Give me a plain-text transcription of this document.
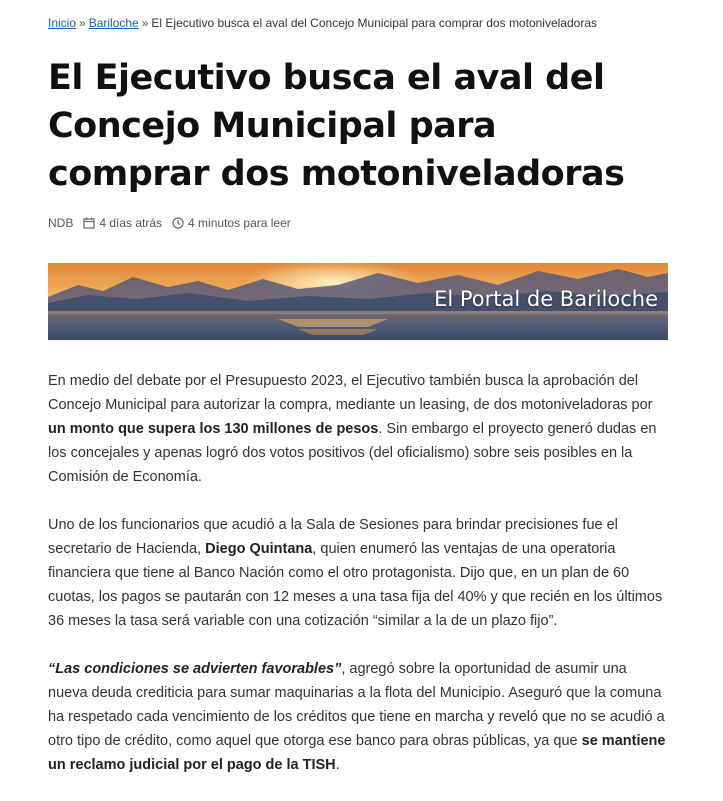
Inicio » Bariloche » El Ejecutivo busca el aval del Concejo Municipal para comprar dos motoniveladoras
El Ejecutivo busca el aval del Concejo Municipal para comprar dos motoniveladoras
NDB 4 días atrás 4 minutos para leer
El Portal de Bariloche

En medio del debate por el Presupuesto 2023, el Ejecutivo también busca la aprobación del Concejo Municipal para autorizar la compra, mediante un leasing, de dos motoniveladoras por un monto que supera los 130 millones de pesos. Sin embargo el proyecto generó dudas en los concejales y apenas logró dos votos positivos (del oficialismo) sobre seis posibles en la Comisión de Economía.

Uno de los funcionarios que acudió a la Sala de Sesiones para brindar precisiones fue el secretario de Hacienda, Diego Quintana, quien enumeró las ventajas de una operatoria financiera que tiene al Banco Nación como el otro protagonista. Dijo que, en un plan de 60 cuotas, los pagos se pautarán con 12 meses a una tasa fija del 40% y que recién en los últimos 36 meses la tasa será variable con una cotización “similar a la de un plazo fijo”.

“Las condiciones se advierten favorables”, agregó sobre la oportunidad de asumir una nueva deuda crediticia para sumar maquinarias a la flota del Municipio. Aseguró que la comuna ha respetado cada vencimiento de los créditos que tiene en marcha y reveló que no se acudió a otro tipo de crédito, como aquel que otorga ese banco para obras públicas, ya que se mantiene un reclamo judicial por el pago de la TISH.
